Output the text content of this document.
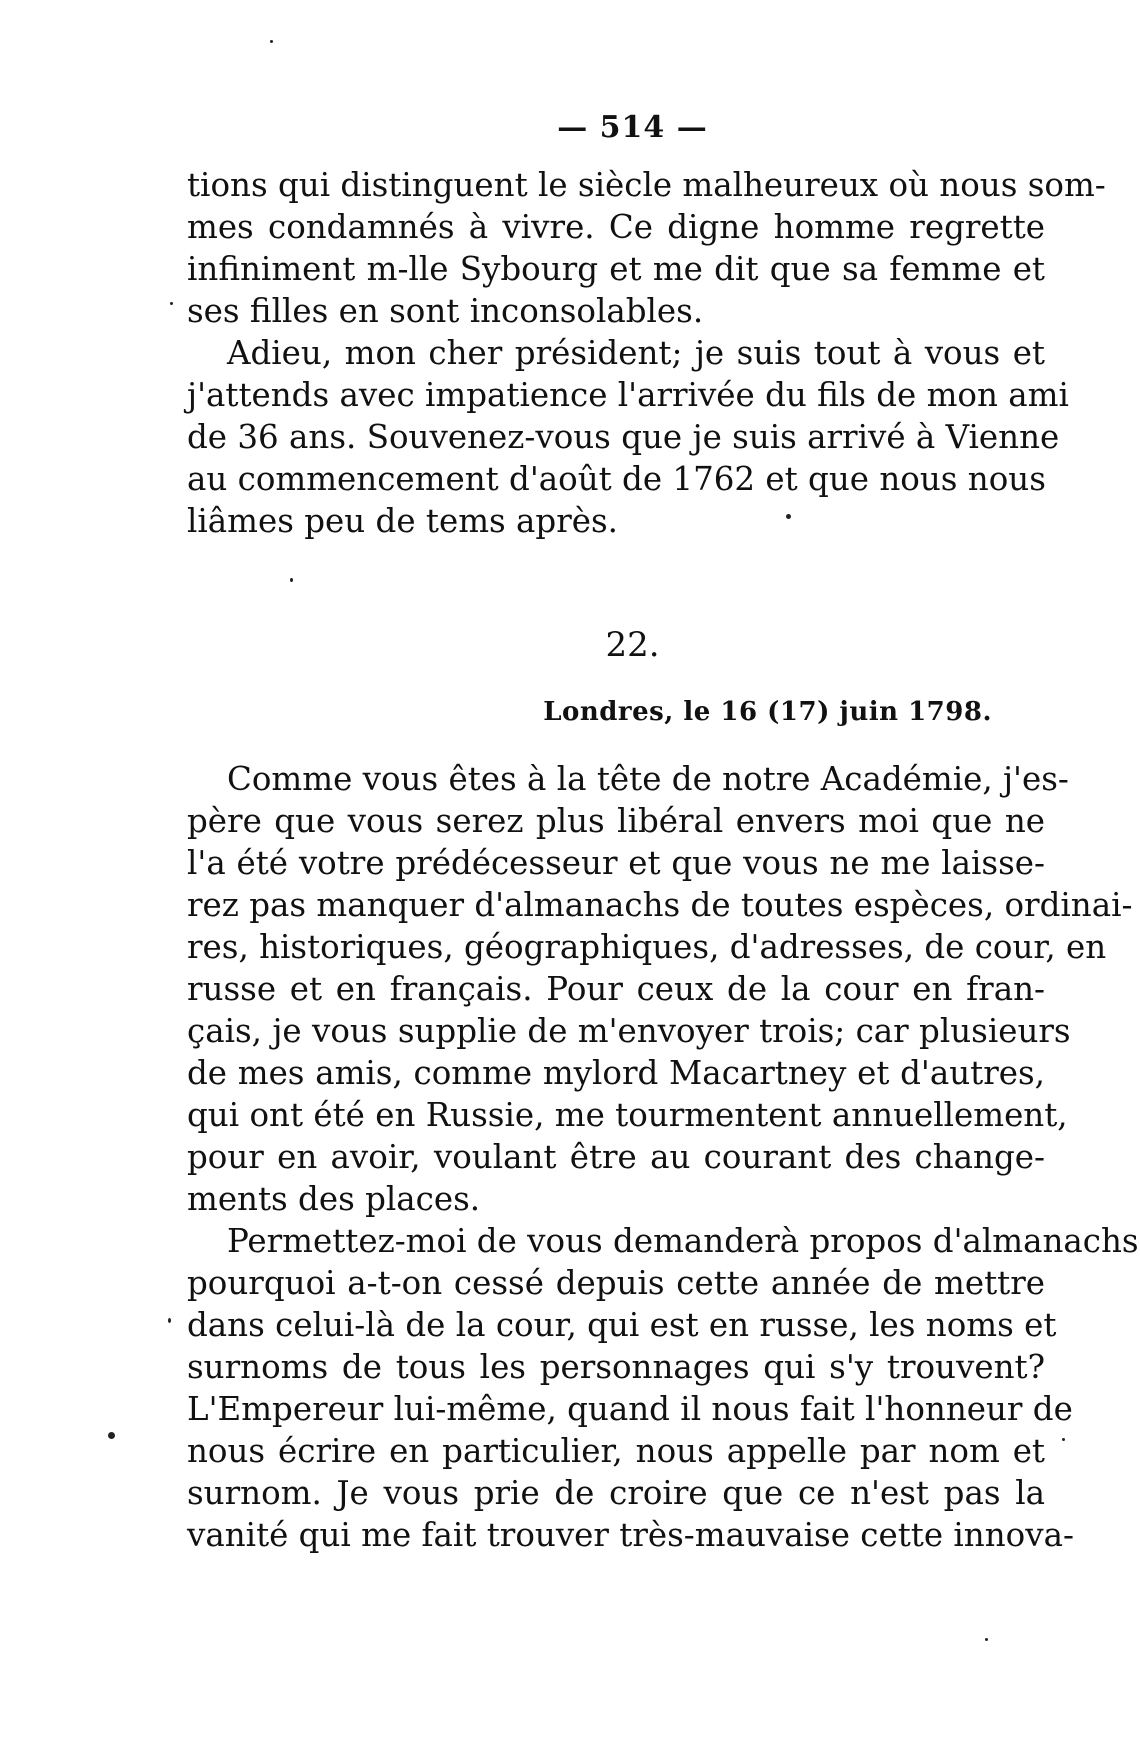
— 514 —
tions qui distinguent le siècle malheureux où nous som-
mes condamnés à vivre. Ce digne homme regrette
infiniment m-lle Sybourg et me dit que sa femme et
ses filles en sont inconsolables.
Adieu, mon cher président; je suis tout à vous et
j'attends avec impatience l'arrivée du fils de mon ami
de 36 ans. Souvenez-vous que je suis arrivé à Vienne
au commencement d'août de 1762 et que nous nous
liâmes peu de tems après.
22.
Londres, le 16 (17) juin 1798.
Comme vous êtes à la tête de notre Académie, j'es-
père que vous serez plus libéral envers moi que ne
l'a été votre prédécesseur et que vous ne me laisse-
rez pas manquer d'almanachs de toutes espèces, ordinai-
res, historiques, géographiques, d'adresses, de cour, en
russe et en français. Pour ceux de la cour en fran-
çais, je vous supplie de m'envoyer trois; car plusieurs
de mes amis, comme mylord Macartney et d'autres,
qui ont été en Russie, me tourmentent annuellement,
pour en avoir, voulant être au courant des change-
ments des places.
Permettez-moi de vous demanderà propos d'almanachs
pourquoi a-t-on cessé depuis cette année de mettre
dans celui-là de la cour, qui est en russe, les noms et
surnoms de tous les personnages qui s'y trouvent?
L'Empereur lui-même, quand il nous fait l'honneur de
nous écrire en particulier, nous appelle par nom et
surnom. Je vous prie de croire que ce n'est pas la
vanité qui me fait trouver très-mauvaise cette innova-
